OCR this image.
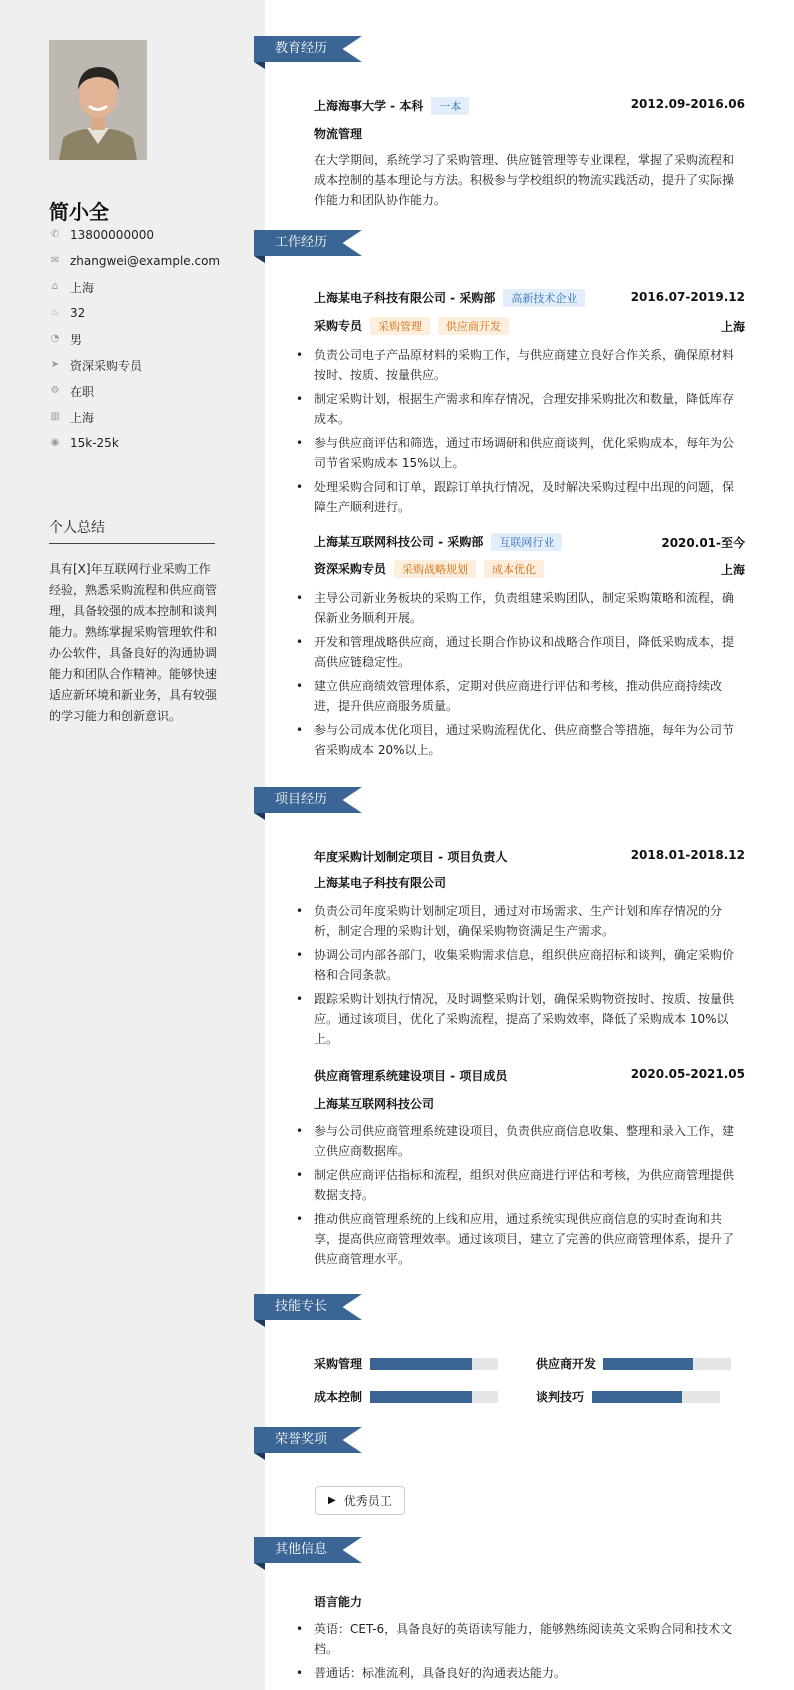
简小全
✆ 13800000000
✉ zhangwei@example.com
⌂ 上海
♨ 32
◔ 男
➤ 资深采购专员
⚙ 在职
▥ 上海
◉ 15k-25k
个人总结
具有[X]年互联网行业采购工作经验，熟悉采购流程和供应商管理，具备较强的成本控制和谈判能力。熟练掌握采购管理软件和办公软件，具备良好的沟通协调能力和团队合作精神。能够快速适应新环境和新业务，具有较强的学习能力和创新意识。
教育经历
上海海事大学 - 本科 一本	2012.09-2016.06
物流管理
在大学期间，系统学习了采购管理、供应链管理等专业课程，掌握了采购流程和成本控制的基本理论与方法。积极参与学校组织的物流实践活动，提升了实际操作能力和团队协作能力。
工作经历
上海某电子科技有限公司 - 采购部 高新技术企业	2016.07-2019.12
采购专员 采购管理 供应商开发	上海
• 负责公司电子产品原材料的采购工作，与供应商建立良好合作关系，确保原材料按时、按质、按量供应。
• 制定采购计划，根据生产需求和库存情况，合理安排采购批次和数量，降低库存成本。
• 参与供应商评估和筛选，通过市场调研和供应商谈判，优化采购成本，每年为公司节省采购成本 15%以上。
• 处理采购合同和订单，跟踪订单执行情况，及时解决采购过程中出现的问题，保障生产顺利进行。
上海某互联网科技公司 - 采购部 互联网行业	2020.01-至今
资深采购专员 采购战略规划 成本优化	上海
• 主导公司新业务板块的采购工作，负责组建采购团队，制定采购策略和流程，确保新业务顺利开展。
• 开发和管理战略供应商，通过长期合作协议和战略合作项目，降低采购成本，提高供应链稳定性。
• 建立供应商绩效管理体系，定期对供应商进行评估和考核，推动供应商持续改进，提升供应商服务质量。
• 参与公司成本优化项目，通过采购流程优化、供应商整合等措施，每年为公司节省采购成本 20%以上。
项目经历
年度采购计划制定项目 - 项目负责人	2018.01-2018.12
上海某电子科技有限公司
• 负责公司年度采购计划制定项目，通过对市场需求、生产计划和库存情况的分析，制定合理的采购计划，确保采购物资满足生产需求。
• 协调公司内部各部门，收集采购需求信息，组织供应商招标和谈判，确定采购价格和合同条款。
• 跟踪采购计划执行情况，及时调整采购计划，确保采购物资按时、按质、按量供应。通过该项目，优化了采购流程，提高了采购效率，降低了采购成本 10%以上。
供应商管理系统建设项目 - 项目成员	2020.05-2021.05
上海某互联网科技公司
• 参与公司供应商管理系统建设项目，负责供应商信息收集、整理和录入工作，建立供应商数据库。
• 制定供应商评估指标和流程，组织对供应商进行评估和考核，为供应商管理提供数据支持。
• 推动供应商管理系统的上线和应用，通过系统实现供应商信息的实时查询和共享，提高供应商管理效率。通过该项目，建立了完善的供应商管理体系，提升了供应商管理水平。
技能专长
采购管理	供应商开发
成本控制	谈判技巧
荣誉奖项
▶ 优秀员工
其他信息
语言能力
• 英语：CET-6，具备良好的英语读写能力，能够熟练阅读英文采购合同和技术文档。
• 普通话：标准流利，具备良好的沟通表达能力。
